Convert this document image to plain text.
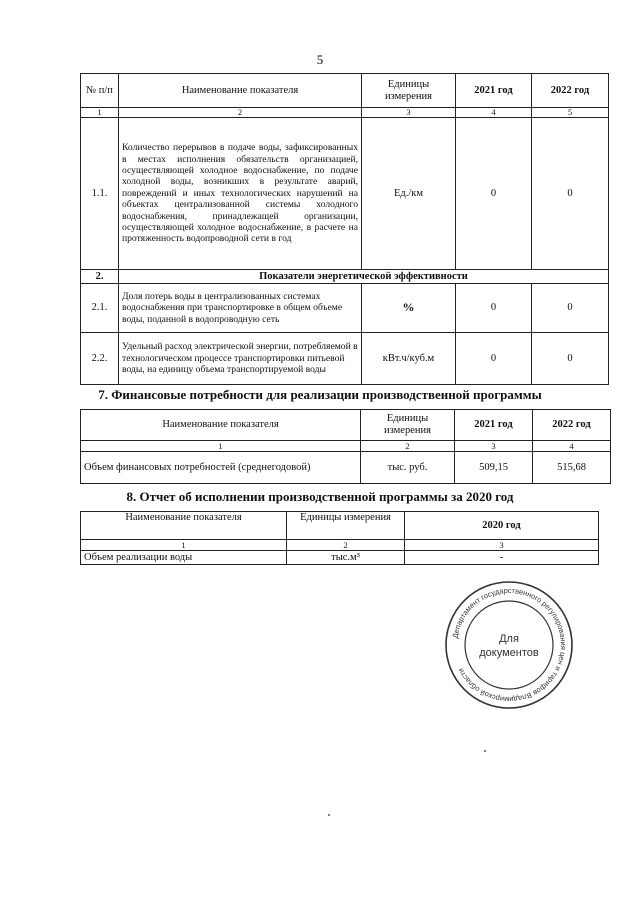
5
№ п/п	Наименование показателя	Единицы измерения	2021 год	2022 год
1	2	3	4	5
1.1.	Количество перерывов в подаче воды, зафиксированных в местах исполнения обязательств организацией, осуществляющей холодное водоснабжение, по подаче холодной воды, возникших в результате аварий, повреждений и иных технологических нарушений на объектах централизованной системы холодного водоснабжения, принадлежащей организации, осуществляющей холодное водоснабжение, в расчете на протяженность водопроводной сети в год	Ед./км	0	0
2.	Показатели энергетической эффективности			
2.1.	Доля потерь воды в централизованных системах водоснабжения при транспортировке в общем объеме воды, поданной в водопроводную сеть	%	0	0
2.2.	Удельный расход электрической энергии, потребляемой в технологическом процессе транспортировки питьевой воды, на единицу объема транспортируемой воды	кВт.ч/куб.м	0	0
7. Финансовые потребности для реализации производственной программы
Наименование показателя	Единицы измерения	2021 год	2022 год
1	2	3	4
Объем финансовых потребностей (среднегодовой)	тыс. руб.	509,15	515,68
8. Отчет об исполнении производственной программы за 2020 год
Наименование показателя	Единицы измерения	2020 год
1	2	3
Объем реализации воды	тыс.м³	-
Департамент государственного регулирования цен и тарифов Владимирской области
Для
документов
